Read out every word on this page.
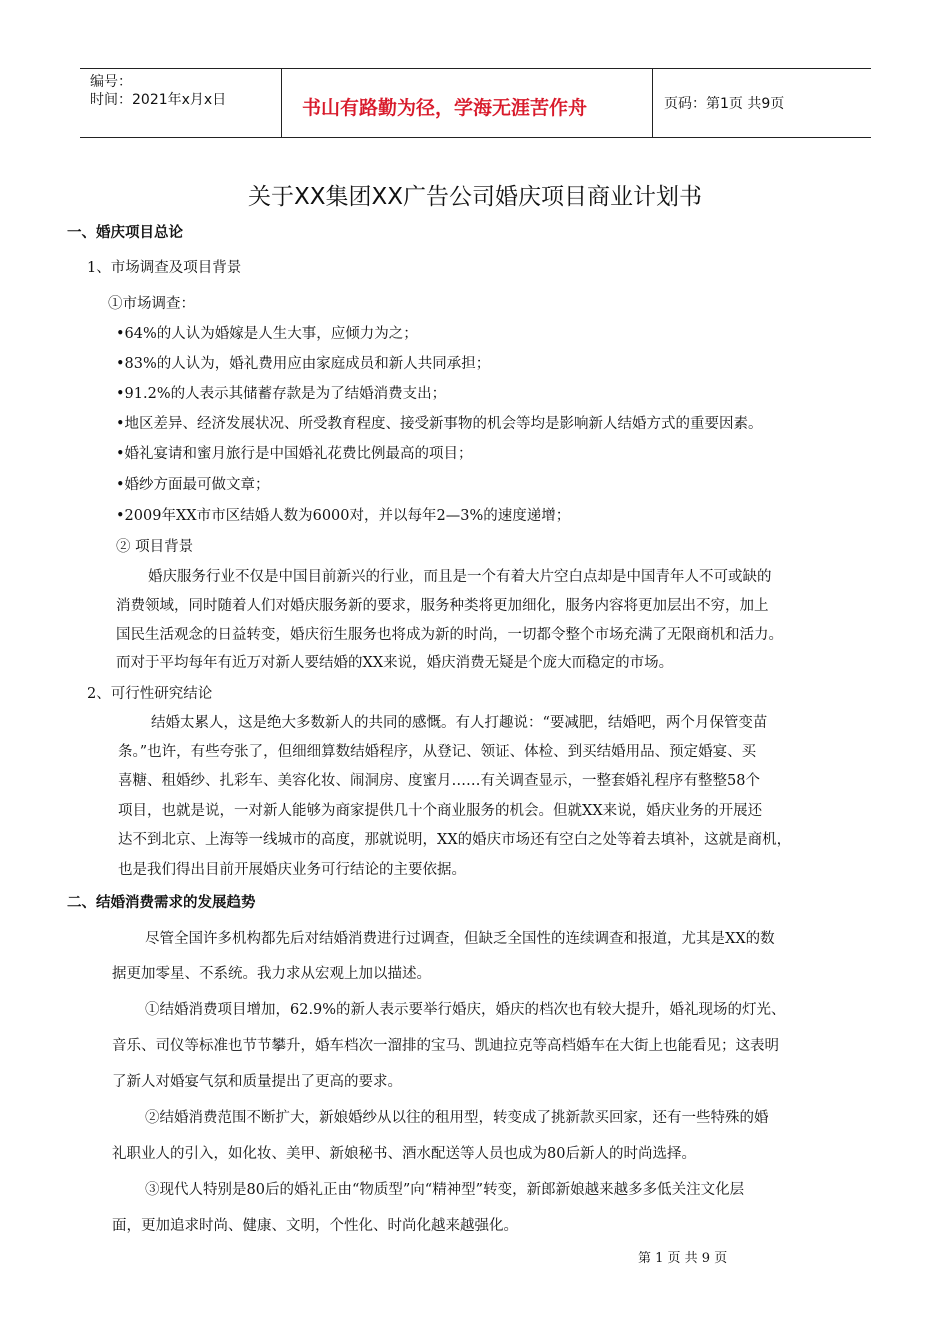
编号：
时间：2021年x月x日	书山有路勤为径，学海无涯苦作舟	页码：第1页 共9页
关于XX集团XX广告公司婚庆项目商业计划书
一、婚庆项目总论
1、市场调查及项目背景
①市场调查：
•64%的人认为婚嫁是人生大事，应倾力为之；
•83%的人认为，婚礼费用应由家庭成员和新人共同承担；
•91.2%的人表示其储蓄存款是为了结婚消费支出；
•地区差异、经济发展状况、所受教育程度、接受新事物的机会等均是影响新人结婚方式的重要因素。
•婚礼宴请和蜜月旅行是中国婚礼花费比例最高的项目；
•婚纱方面最可做文章；
•2009年XX市市区结婚人数为6000对，并以每年2—3%的速度递增；
② 项目背景
婚庆服务行业不仅是中国目前新兴的行业，而且是一个有着大片空白点却是中国青年人不可或缺的
消费领域，同时随着人们对婚庆服务新的要求，服务种类将更加细化，服务内容将更加层出不穷，加上
国民生活观念的日益转变，婚庆衍生服务也将成为新的时尚，一切都令整个市场充满了无限商机和活力。
而对于平均每年有近万对新人要结婚的XX来说，婚庆消费无疑是个庞大而稳定的市场。
2、可行性研究结论
结婚太累人，这是绝大多数新人的共同的感慨。有人打趣说：“要减肥，结婚吧，两个月保管变苗
条。”也许，有些夸张了，但细细算数结婚程序，从登记、领证、体检、到买结婚用品、预定婚宴、买
喜糖、租婚纱、扎彩车、美容化妆、闹洞房、度蜜月……有关调查显示，一整套婚礼程序有整整58个
项目，也就是说，一对新人能够为商家提供几十个商业服务的机会。但就XX来说，婚庆业务的开展还
达不到北京、上海等一线城市的高度，那就说明，XX的婚庆市场还有空白之处等着去填补，这就是商机，
也是我们得出目前开展婚庆业务可行结论的主要依据。
二、结婚消费需求的发展趋势
尽管全国许多机构都先后对结婚消费进行过调查，但缺乏全国性的连续调查和报道，尤其是XX的数
据更加零星、不系统。我力求从宏观上加以描述。
①结婚消费项目增加，62.9%的新人表示要举行婚庆，婚庆的档次也有较大提升，婚礼现场的灯光、
音乐、司仪等标准也节节攀升，婚车档次一溜排的宝马、凯迪拉克等高档婚车在大街上也能看见；这表明
了新人对婚宴气氛和质量提出了更高的要求。
②结婚消费范围不断扩大，新娘婚纱从以往的租用型，转变成了挑新款买回家，还有一些特殊的婚
礼职业人的引入，如化妆、美甲、新娘秘书、酒水配送等人员也成为80后新人的时尚选择。
③现代人特别是80后的婚礼正由“物质型”向“精神型”转变，新郎新娘越来越多多低关注文化层
面，更加追求时尚、健康、文明，个性化、时尚化越来越强化。
第 1 页 共 9 页
